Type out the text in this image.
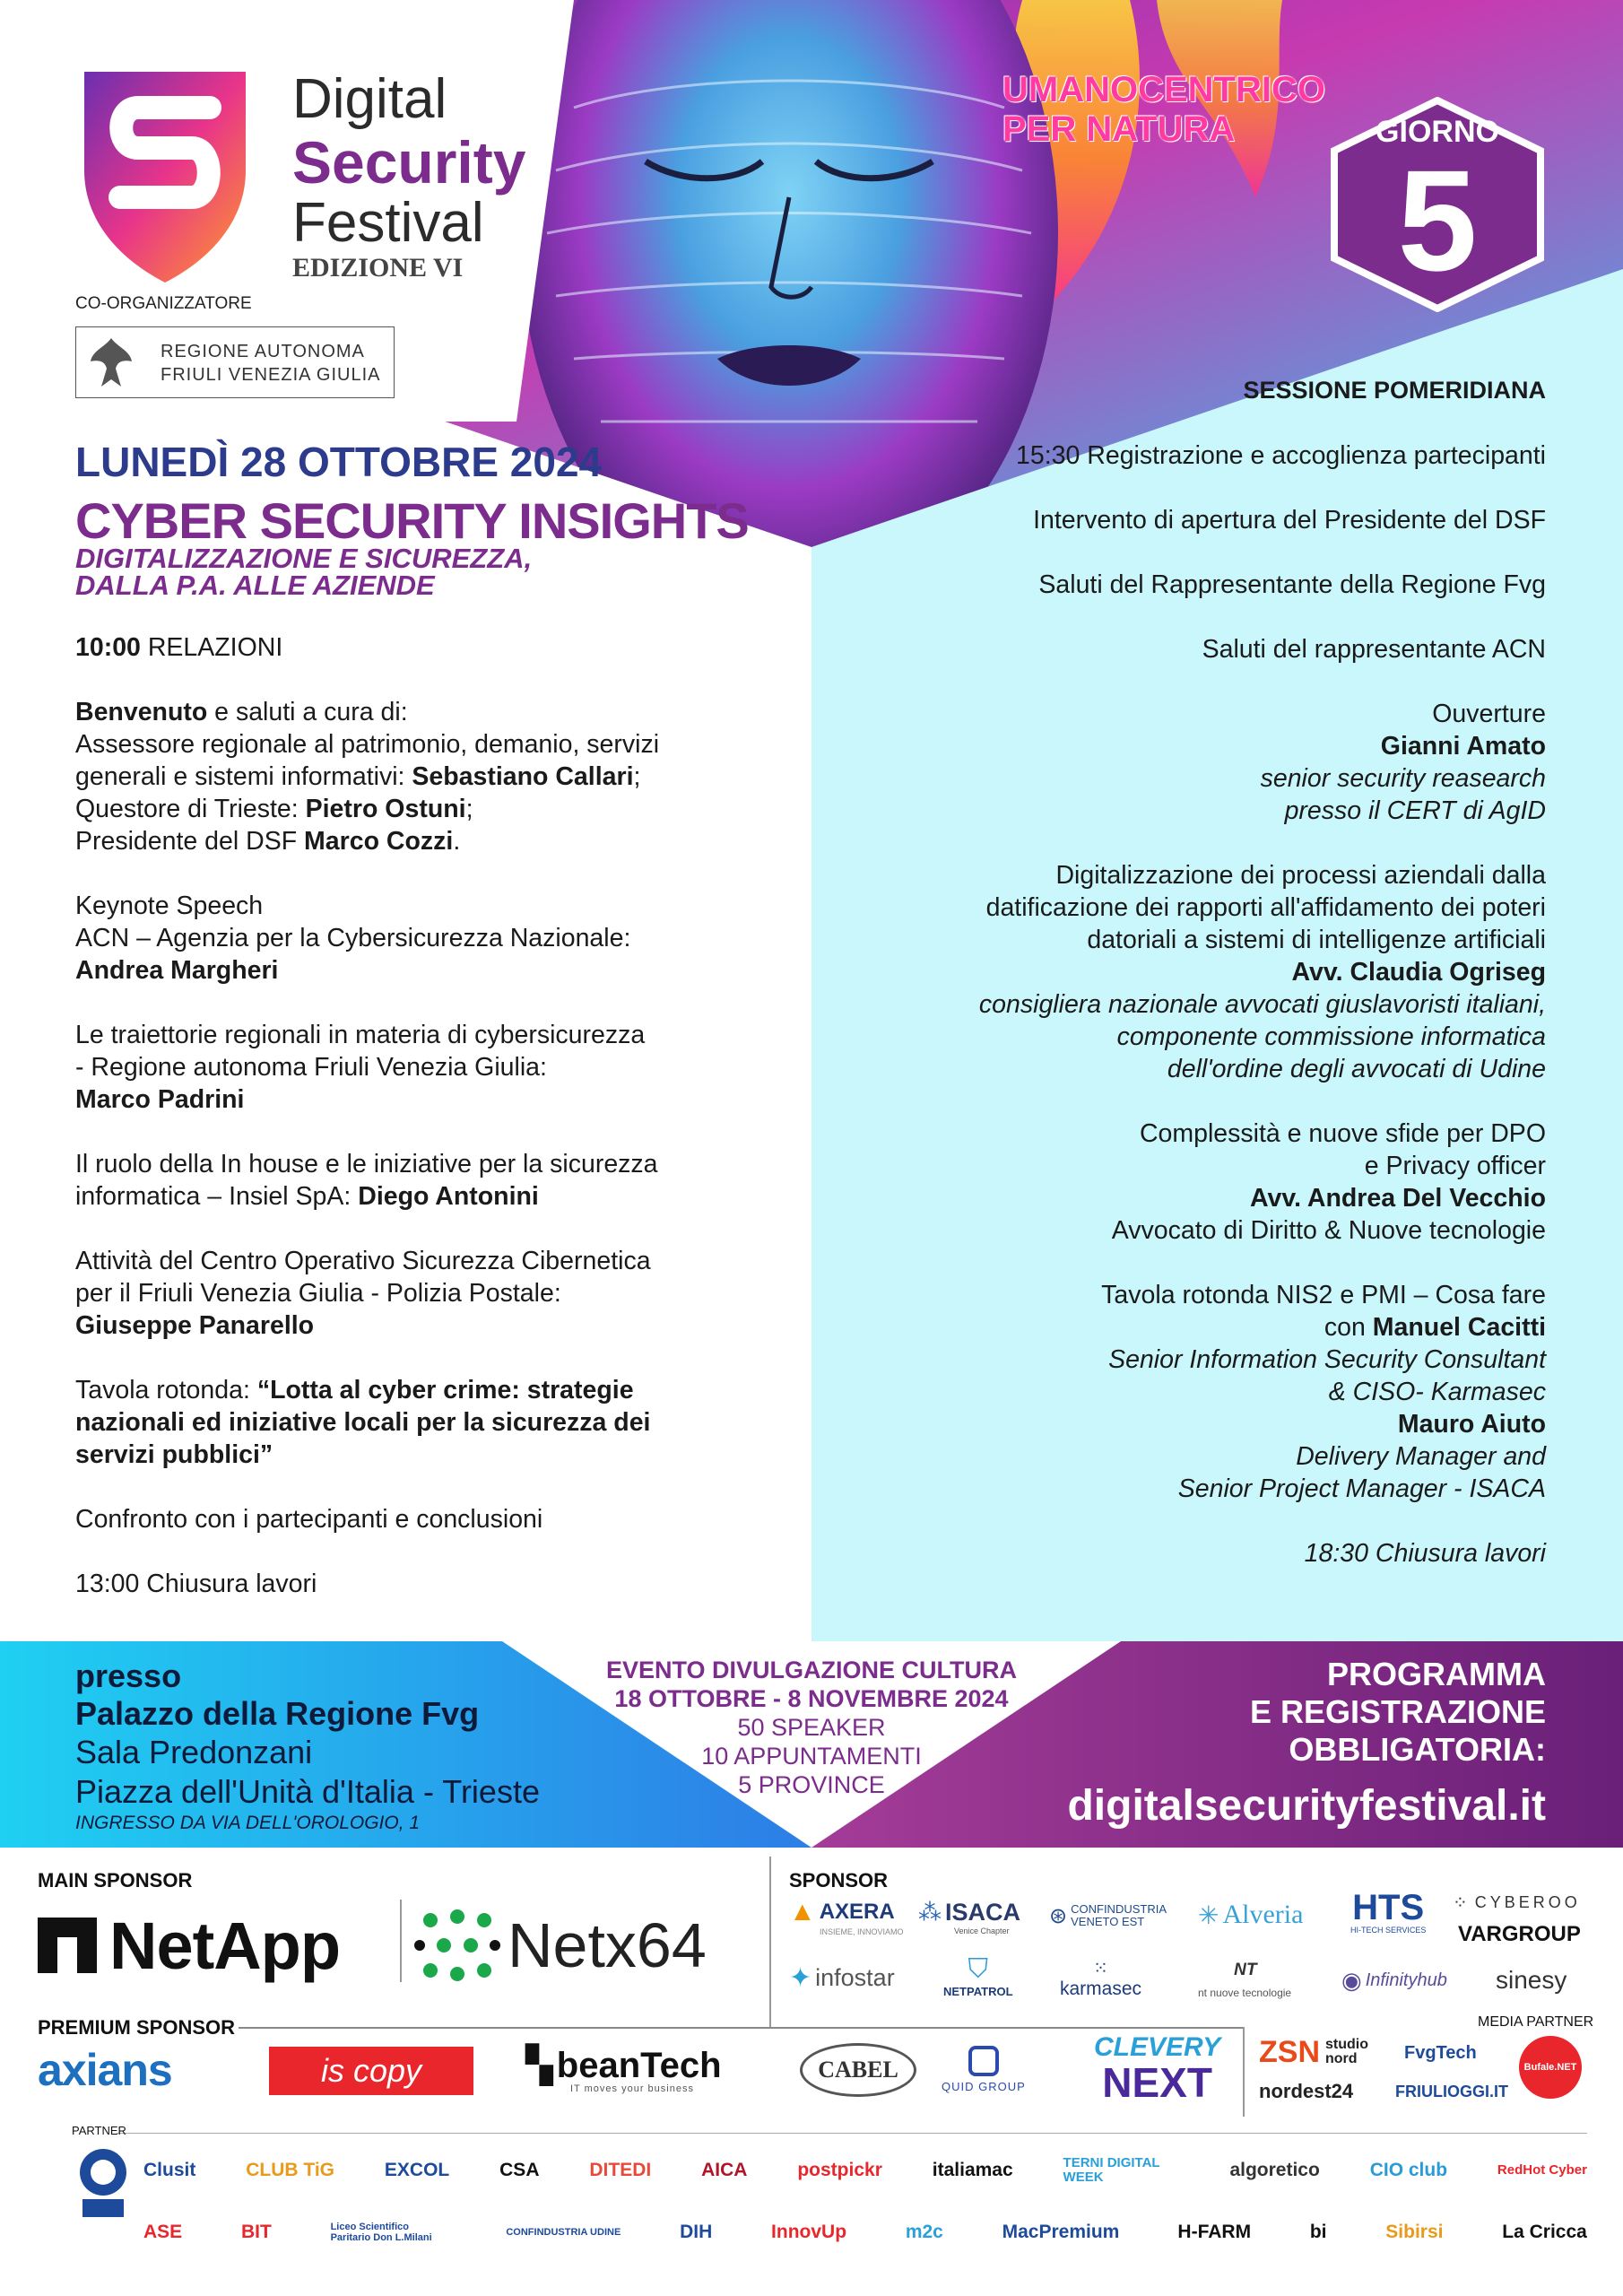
Digital
Security
Festival
EDIZIONE VI
CO-ORGANIZZATORE
REGIONE AUTONOMA
FRIULI VENEZIA GIULIA
UMANOCENTRICO
PER NATURA	GIORNO
5
LUNEDÌ 28 OTTOBRE 2024
CYBER SECURITY INSIGHTS
DIGITALIZZAZIONE E SICUREZZA,
DALLA P.A. ALLE AZIENDE
10:00 RELAZIONI
Benvenuto e saluti a cura di:
Assessore regionale al patrimonio, demanio, servizi
generali e sistemi informativi: Sebastiano Callari;
Questore di Trieste: Pietro Ostuni;
Presidente del DSF Marco Cozzi.
Keynote Speech
ACN – Agenzia per la Cybersicurezza Nazionale:
Andrea Margheri
Le traiettorie regionali in materia di cybersicurezza
- Regione autonoma Friuli Venezia Giulia:
Marco Padrini
Il ruolo della In house e le iniziative per la sicurezza
informatica – Insiel SpA: Diego Antonini
Attività del Centro Operativo Sicurezza Cibernetica
per il Friuli Venezia Giulia - Polizia Postale:
Giuseppe Panarello
Tavola rotonda: “Lotta al cyber crime: strategie
nazionali ed iniziative locali per la sicurezza dei
servizi pubblici”
Confronto con i partecipanti e conclusioni
13:00 Chiusura lavori
SESSIONE POMERIDIANA
15:30 Registrazione e accoglienza partecipanti
Intervento di apertura del Presidente del DSF
Saluti del Rappresentante della Regione Fvg
Saluti del rappresentante ACN
Ouverture
Gianni Amato
senior security reasearch
presso il CERT di AgID
Digitalizzazione dei processi aziendali dalla
datificazione dei rapporti all'affidamento dei poteri
datoriali a sistemi di intelligenze artificiali
Avv. Claudia Ogriseg
consigliera nazionale avvocati giuslavoristi italiani,
componente commissione informatica
dell'ordine degli avvocati di Udine
Complessità e nuove sfide per DPO
e Privacy officer
Avv. Andrea Del Vecchio
Avvocato di Diritto & Nuove tecnologie
Tavola rotonda NIS2 e PMI – Cosa fare
con Manuel Cacitti
Senior Information Security Consultant
& CISO- Karmasec
Mauro Aiuto
Delivery Manager and
Senior Project Manager - ISACA
18:30 Chiusura lavori
presso
Palazzo della Regione Fvg
Sala Predonzani
Piazza dell'Unità d'Italia - Trieste
INGRESSO DA VIA DELL'OROLOGIO, 1
EVENTO DIVULGAZIONE CULTURA
18 OTTOBRE - 8 NOVEMBRE 2024
50 SPEAKER
10 APPUNTAMENTI
5 PROVINCE
PROGRAMMA
E REGISTRAZIONE
OBBLIGATORIA:
digitalsecurityfestival.it
MAIN SPONSOR
NetApp	Netx64
SPONSOR
▲ AXERA
INSIEME, INNOVIAMO
⁂ ISACA
Venice Chapter
⊛ CONFINDUSTRIA VENETO EST	✳ Alveria HTS
HI-TECH SERVICES
⁘ CYBEROO
VARGROUP
✦ infostar	⛉
NETPATROL
⁙
karmasec
ᴺᵀ
nt nuove tecnologie ◉ Infinityhub sinesy
PREMIUM SPONSOR
axians	is copy	▚ beanTech
IT moves your business
CABEL
QUID GROUP
CLEVERY
NEXT
MEDIA PARTNER
ZSN studio nord	FvgTech
nordest24	FRIULIOGGI.IT
Bufale.NET
PARTNER
Clusit	CLUB TiG	EXCOL	CSA	DITEDI	AICA	postpickr	italiamac	TERNI DIGITAL WEEK	algoretico	CIO club	RedHot Cyber
ASE	BIT	Liceo Scientifico Paritario Don L.Milani
CONFINDUSTRIA UDINE	DIH	InnovUp	m2c	MacPremium	H-FARM	bi	Sibirsi	La Cricca
